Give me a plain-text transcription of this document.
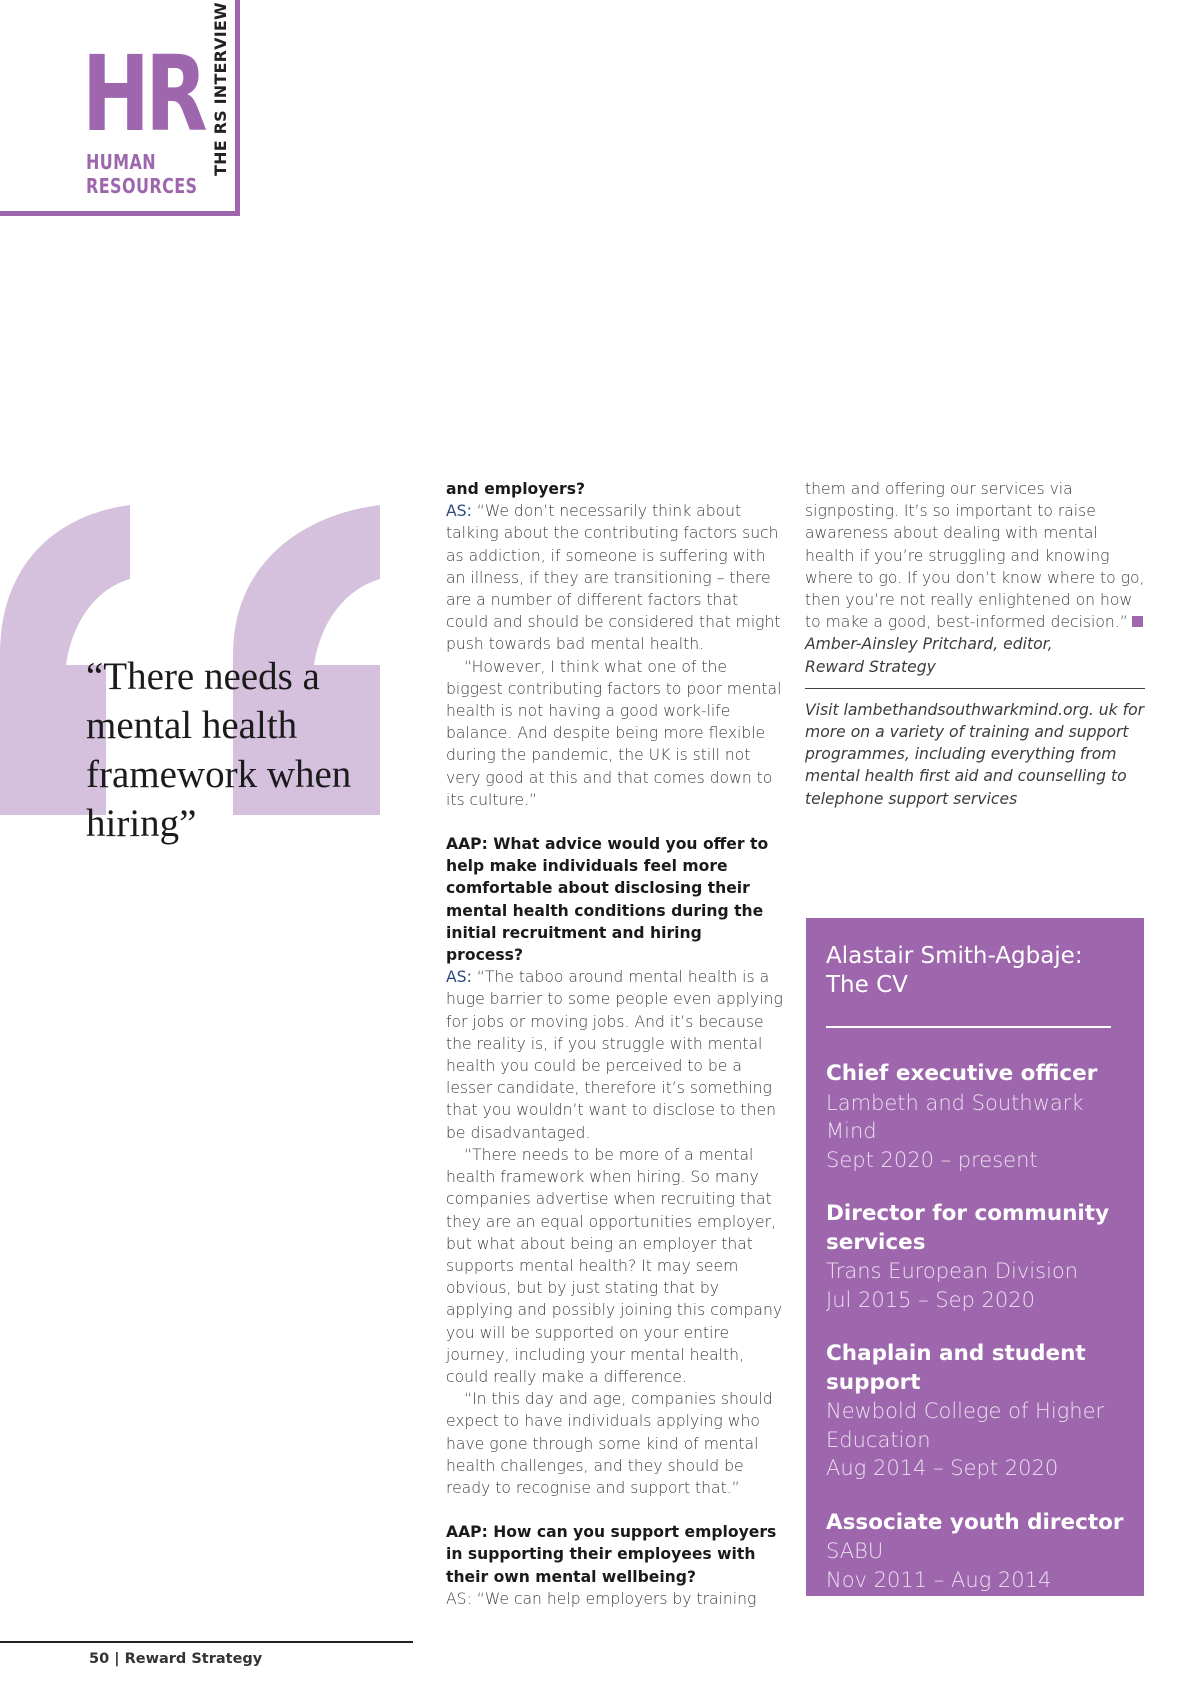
HR
HUMAN
RESOURCES
THE RS INTERVIEW
“There needs a mental health framework when hiring”

and employers?

AS: “We don’t necessarily think about talking about the contributing factors such as addiction, if someone is suffering with an illness, if they are transitioning – there are a number of different factors that could and should be considered that might push towards bad mental health.

“However, I think what one of the biggest contributing factors to poor mental health is not having a good work-life balance. And despite being more flexible during the pandemic, the UK is still not very good at this and that comes down to its culture.”

AAP: What advice would you offer to help make individuals feel more comfortable about disclosing their mental health conditions during the initial recruitment and hiring process?

AS: “The taboo around mental health is a huge barrier to some people even applying for jobs or moving jobs. And it’s because the reality is, if you struggle with mental health you could be perceived to be a lesser candidate, therefore it’s something that you wouldn’t want to disclose to then be disadvantaged.

“There needs to be more of a mental health framework when hiring. So many companies advertise when recruiting that they are an equal opportunities employer, but what about being an employer that supports mental health? It may seem obvious, but by just stating that by applying and possibly joining this company you will be supported on your entire journey, including your mental health, could really make a difference.

“In this day and age, companies should expect to have individuals applying who have gone through some kind of mental health challenges, and they should be ready to recognise and support that.”

AAP: How can you support employers in supporting their employees with their own mental wellbeing?

AS: “We can help employers by training

them and offering our services via signposting. It’s so important to raise awareness about dealing with mental health if you’re struggling and knowing where to go. If you don’t know where to go, then you’re not really enlightened on how to make a good, best-informed decision.”

Amber-Ainsley Pritchard, editor,

Reward Strategy

Visit lambethandsouthwarkmind.org. uk for more on a variety of training and support programmes, including everything from mental health first aid and counselling to telephone support services

Alastair Smith-Agbaje:
The CV
Chief executive officer
Lambeth and Southwark Mind
Sept 2020 – present
Director for community services
Trans European Division
Jul 2015 – Sep 2020
Chaplain and student support
Newbold College of Higher Education
Aug 2014 – Sept 2020
Associate youth director
SABU
Nov 2011 – Aug 2014
50 | Reward Strategy
